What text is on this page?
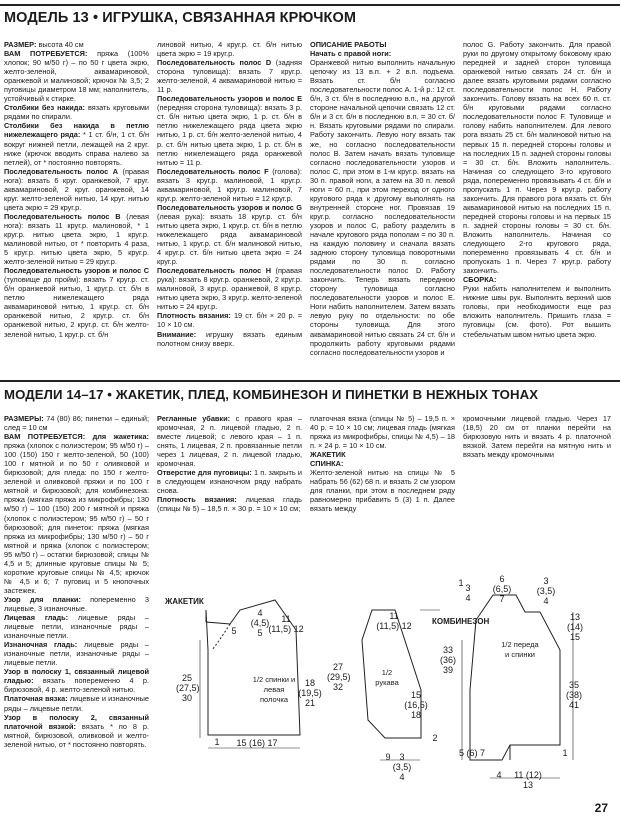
МОДЕЛЬ 13 • ИГРУШКА, СВЯЗАННАЯ КРЮЧКОМ

РАЗМЕР: высота 40 см

ВАМ ПОТРЕБУЕТСЯ: пряжа (100% хлопок; 90 м/50 г) – по 50 г цвета экрю, желто-зеленой, аквамариновой, оранжевой и малиновой; крючок № 3,5; 2 пуговицы диаметром 18 мм; наполнитель, устойчивый к стирке.

Столбики без накида: вязать круговыми рядами по спирали.

Столбики без накида в петлю нижележащего ряда: * 1 ст. б/н, 1 ст. б/н вокруг нижней петли, лежащей на 2 круг. ниже (крючок вводить справа налево за петлей), от * постоянно повторять.

Последовательность полос А (правая нога): вязать 6 круг. оранжевой, 7 круг. аквамариновой, 2 круг. оранжевой, 14 круг. желто-зеленой нитью, 14 круг. нитью цвета экрю = 29 круг.р.

Последовательность полос В (левая нога): вязать 11 круг.р. малиновой, * 1 круг.р. нитью цвета экрю, 1 круг.р. малиновой нитью, от * повторить 4 раза, 5 круг.р. нитью цвета экрю, 5 круг.р. желто-зеленой нитью = 29 круг.р.

Последовательность узоров и полос С (туловище до пройм): вязать 7 круг.р. ст. б/н оранжевой нитью, 1 круг.р. ст. б/н в петлю нижележащего ряда аквамариновой нитью, 1 круг.р. ст. б/н оранжевой нитью, 2 круг.р. ст. б/н оранжевой нитью, 2 круг.р. ст. б/н желто-зеленой нитью, 1 круг.р. ст. б/н

линовой нитью, 4 круг.р. ст. б/н нитью цвета экрю = 19 круг.р.

Последовательность полос D (задняя сторона туловища): вязать 7 круг.р. желто-зеленой, 4 аквамариновой нитью = 11 р.

Последовательность узоров и полос E (передняя сторона туловища): вязать 3 р. ст. б/н нитью цвета экрю, 1 р. ст. б/н в петлю нижележащего ряда цвета экрю нитью, 1 р. ст. б/н желто-зеленой нитью, 4 р. ст. б/н нитью цвета экрю, 1 р. ст. б/н в петлю нижележащего ряда оранжевой нитью = 11 р.

Последовательность полос F (голова): вязать 3 круг.р. малиновой, 1 круг.р. аквамариновой, 1 круг.р. малиновой, 7 круг.р. желто-зеленой нитью = 12 круг.р.

Последовательность узоров и полос G (левая рука): вязать 18 круг.р. ст. б/н нитью цвета экрю, 1 круг.р. ст. б/н в петлю нижележащего ряда аквамариновой нитью, 1 круг.р. ст. б/н малиновой нитью, 4 круг.р. ст. б/н нитью цвета экрю = 24 круг.р.

Последовательность полос Н (правая рука): вязать 8 круг.р. оранжевой, 2 круг.р. малиновой, 3 круг.р. оранжевой, 8 круг.р. нитью цвета экрю, 3 круг.р. желто-зеленой нитью = 24 круг.р.

Плотность вязания: 19 ст. б/н × 20 р. = 10 × 10 см.

Внимание: игрушку вязать единым полотном снизу вверх.

ОПИСАНИЕ РАБОТЫ

Начать с правой ноги:

Оранжевой нитью выполнить начальную цепочку из 13 в.п. + 2 в.п. подъема. Вязать ст. б/н согласно последовательности полос А. 1-й р.: 12 ст. б/н, 3 ст. б/н в последнюю в.п., на другой стороне начальной цепочки связать 12 ст. б/н и 3 ст. б/н в последнюю в.п. = 30 ст. б/н. Вязать круговыми рядами по спирали. Работу закончить. Левую ногу вязать так же, но согласно последовательности полос В. Затем начать вязать туловище согласно последовательности узоров и полос С, при этом в 1-м круг.р. вязать на 30 п. правой ноги, а затем на 30 п. левой ноги = 60 п., при этом переход от одного кругового ряда к другому выполнять на внутренней стороне ног. Провязав 19 круг.р. согласно последовательности узоров и полос С, работу разделить в начале кругового ряда пополам = по 30 п. на каждую половину и сначала вязать заднюю сторону туловища поворотными рядами по 30 п. согласно последовательности полос D. Работу закончить. Теперь вязать переднюю сторону туловища согласно последовательности узоров и полос Е. Ноги набить наполнителем. Затем вязать левую руку по отдельности: по обе стороны туловища. Для этого аквамариновой нитью связать 24 ст. б/н и продолжить работу круговыми рядами согласно последовательности узоров и

полос G. Работу закончить. Для правой руки по другому открытому боковому краю передней и задней сторон туловища оранжевой нитью связать 24 ст. б/н и далее вязать круговыми рядами согласно последовательности полос Н. Работу закончить. Голову вязать на всех 60 п. ст. б/н круговыми рядами согласно последовательности полос F. Туловище и голову набить наполнителем. Для левого рога вязать 25 ст. б/н малиновой нитью на первых 15 п. передней стороны головы и на последних 15 п. задней стороны головы = 30 ст. б/н. Вложить наполнитель. Начиная со следующего 3-го кругового ряда, попеременно провязывать 4 ст. б/н и пропускать 1 п. Через 9 круг.р. работу закончить. Для правого рога вязать ст. б/н аквамариновой нитью на последних 15 п. передней стороны головы и на первых 15 п. задней стороны головы = 30 ст. б/н. Вложить наполнитель. Начиная со следующего 2-го кругового ряда, попеременно провязывать 4 ст. б/н и пропускать 1 п. Через 7 круг.р. работу закончить.

СБОРКА:

Руки набить наполнителем и выполнить нижние швы рук. Выполнить верхний шов головы, при необходимости еще раз вложить наполнитель. Пришить глаза = пуговицы (см. фото). Рот вышить стебельчатым швом нитью цвета экрю.

МОДЕЛИ 14–17 • ЖАКЕТИК, ПЛЕД, КОМБИНЕЗОН И ПИНЕТКИ В НЕЖНЫХ ТОНАХ

РАЗМЕРЫ: 74 (80) 86; пинетки – единый; след = 10 см

ВАМ ПОТРЕБУЕТСЯ: для жакетика: пряжа (хлопок с полиэстером; 95 м/50 г) – 100 (150) 150 г желто-зеленой, 50 (100) 100 г мятной и по 50 г оливковой и бирюзовой; для пледа: по 150 г желто-зеленой и оливковой пряжи и по 100 г мятной и бирюзовой; для комбинезона: пряжа (мягкая пряжа из микрофибры; 130 м/50 г) – 100 (150) 200 г мятной и пряжа (хлопок с полиэстером; 95 м/50 г) – 50 г бирюзовой; для пинеток: пряжа (мягкая пряжа из микрофибры; 130 м/50 г) – 50 г мятной и пряжа (хлопок с полиэстером; 95 м/50 г) – остатки бирюзовой; спицы № 4,5 и 5; длинные круговые спицы № 5; короткие круговые спицы № 4,5; крючок № 4,5 и 6; 7 пуговиц и 5 кнопочных застежек.

Узор для планки: попеременно 3 лицевые, 3 изнаночные.

Лицевая гладь: лицевые ряды – лицевые петли, изнаночные ряды – изнаночные петли.

Изнаночная гладь: лицевые ряды – изнаночные петли, изнаночные ряды – лицевые петли.

Узор в полоску 1, связанный лицевой гладью: вязать попеременно 4 р. бирюзовой, 4 р. желто-зеленой нитью.

Платочная вязка: лицевые и изнаночные ряды – лицевые петли.

Узор в полоску 2, связанный платочной вязкой: вязать * по 8 р. мятной, бирюзовой, оливковой и желто-зеленой нитью, от * постоянно повторять.

Регланные убавки: с правого края – кромочная, 2 п. лицевой гладью, 2 п. вместе лицевой; с левого края – 1 п. снять, 1 лицевая, 2 п. провязанные петли через 1 лицевая, 2 п. лицевой гладью, кромочная.

Отверстие для пуговицы: 1 п. закрыть и в следующем изнаночном ряду набрать снова.

Плотность вязания: лицевая гладь (спицы № 5) – 18,5 п. × 30 р. = 10 × 10 см;

платочная вязка (спицы № 5) – 19,5 п. × 40 р. = 10 × 10 см; лицевая гладь (мягкая пряжа из микрофибры, спицы № 4,5) – 18 п. × 24 р. = 10 × 10 см.

ЖАКЕТИК

СПИНКА:

Желто-зеленой нитью на спицы № 5 набрать 56 (62) 68 п. и вязать 2 см узором для планки, при этом в последнем ряду равномерно прибавить 5 (3) 1 п. Далее вязать между

кромочными лицевой гладью. Через 17 (18,5) 20 см от планки перейти на бирюзовую нить и вязать 4 р. платочной вязкой. Затем перейти на мятную нить и вязать между кромочными

ЖАКЕТИК
4
(4,5)
5
11
(11,5) 12
5
25
(27,5)
30
1/2 спинки и левая полочка
18
(19,5)
21
1	15 (16) 17
11
(11,5) 12
27
(29,5)
32
1/2 рукава
15
(16,5)
18
2
9 3
(3,5)
4
КОМБИНЕЗОН
6
(6,5)
7
3
(3,5)
4
1 3
4
13
(14)
15
33
(36)
39
1/2 переда и спинки
35
(38)
41
5 (6) 7	1
4	11 (12)
13
27
